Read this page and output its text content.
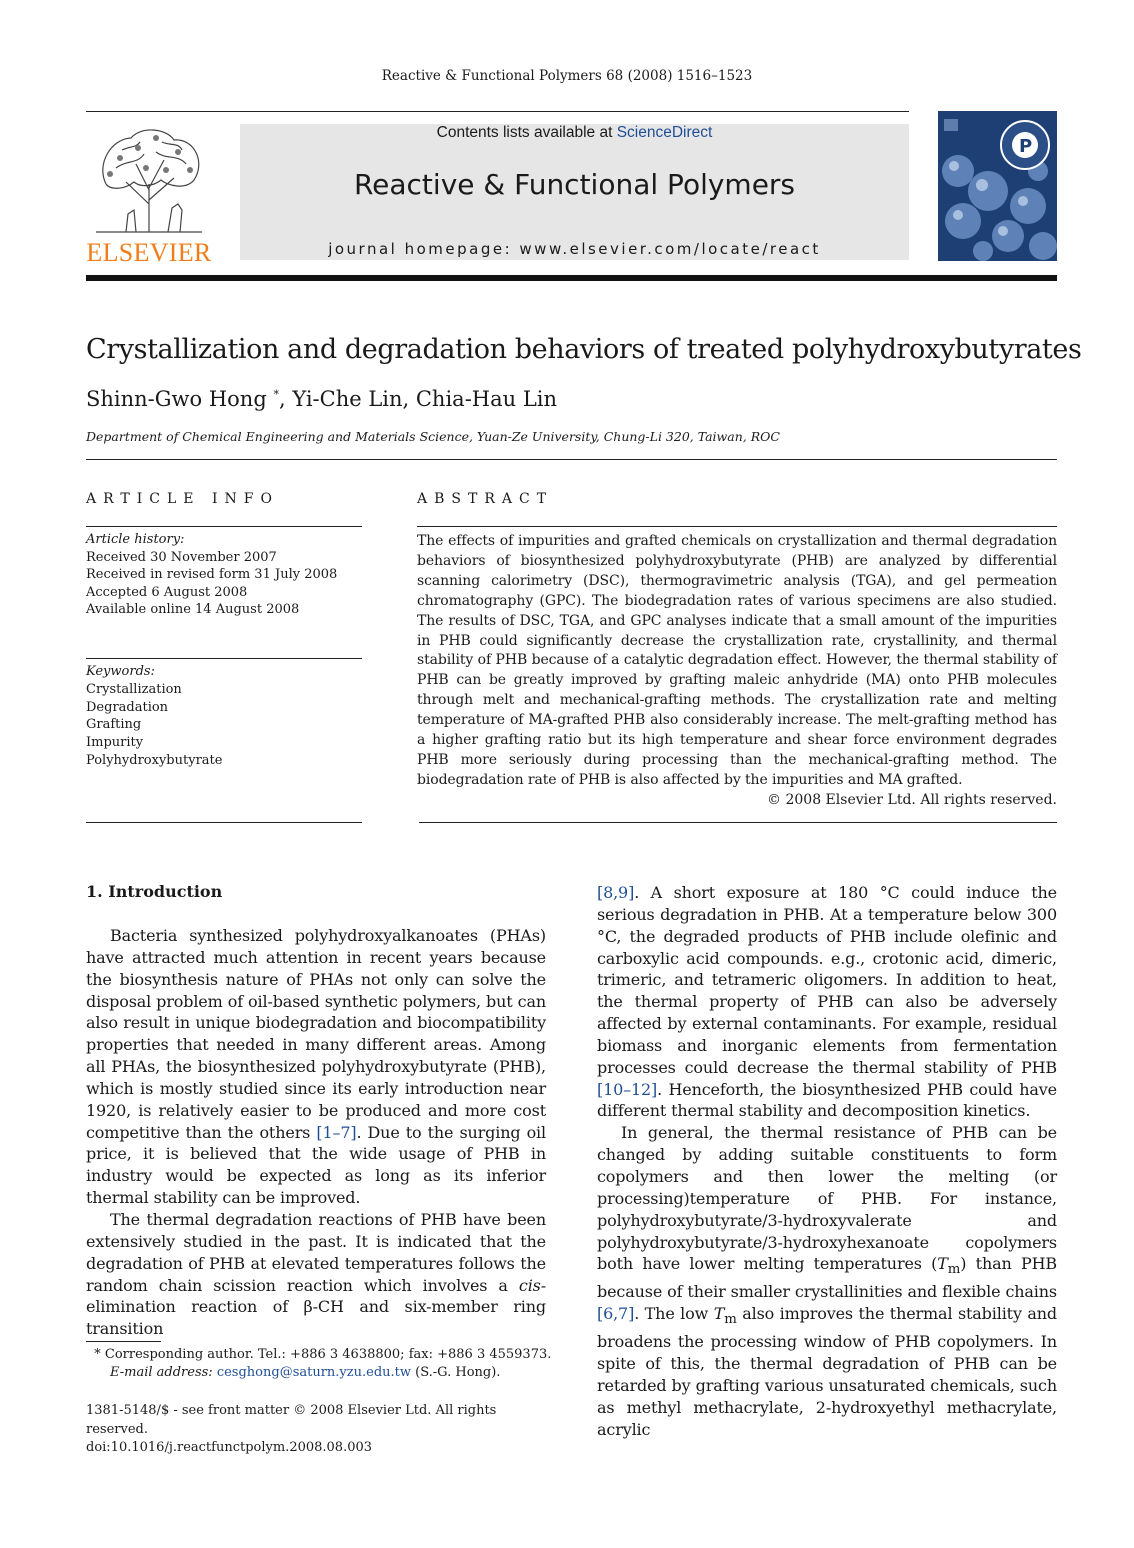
Reactive & Functional Polymers 68 (2008) 1516–1523
ELSEVIER
Contents lists available at ScienceDirect
Reactive & Functional Polymers
journal homepage: www.elsevier.com/locate/react
P
Crystallization and degradation behaviors of treated polyhydroxybutyrates
Shinn-Gwo Hong *, Yi-Che Lin, Chia-Hau Lin
Department of Chemical Engineering and Materials Science, Yuan-Ze University, Chung-Li 320, Taiwan, ROC
ARTICLE INFO
Article history:
Received 30 November 2007
Received in revised form 31 July 2008
Accepted 6 August 2008
Available online 14 August 2008
Keywords:
Crystallization
Degradation
Grafting
Impurity
Polyhydroxybutyrate
ABSTRACT
The effects of impurities and grafted chemicals on crystallization and thermal degradation behaviors of biosynthesized polyhydroxybutyrate (PHB) are analyzed by differential scanning calorimetry (DSC), thermogravimetric analysis (TGA), and gel permeation chromatography (GPC). The biodegradation rates of various specimens are also studied. The results of DSC, TGA, and GPC analyses indicate that a small amount of the impurities in PHB could significantly decrease the crystallization rate, crystallinity, and thermal stability of PHB because of a catalytic degradation effect. However, the thermal stability of PHB can be greatly improved by grafting maleic anhydride (MA) onto PHB molecules through melt and mechanical-grafting methods. The crystallization rate and melting temperature of MA-grafted PHB also considerably increase. The melt-grafting method has a higher grafting ratio but its high temperature and shear force environment degrades PHB more seriously during processing than the mechanical-grafting method. The biodegradation rate of PHB is also affected by the impurities and MA grafted.
© 2008 Elsevier Ltd. All rights reserved.
1. Introduction

Bacteria synthesized polyhydroxyalkanoates (PHAs) have attracted much attention in recent years because the biosynthesis nature of PHAs not only can solve the disposal problem of oil-based synthetic polymers, but can also result in unique biodegradation and biocompatibility properties that needed in many different areas. Among all PHAs, the biosynthesized polyhydroxybutyrate (PHB), which is mostly studied since its early introduction near 1920, is relatively easier to be produced and more cost competitive than the others [1–7]. Due to the surging oil price, it is believed that the wide usage of PHB in industry would be expected as long as its inferior thermal stability can be improved.

The thermal degradation reactions of PHB have been extensively studied in the past. It is indicated that the degradation of PHB at elevated temperatures follows the random chain scission reaction which involves a cis-elimination reaction of β-CH and six-member ring transition

[8,9]. A short exposure at 180 °C could induce the serious degradation in PHB. At a temperature below 300 °C, the degraded products of PHB include olefinic and carboxylic acid compounds. e.g., crotonic acid, dimeric, trimeric, and tetrameric oligomers. In addition to heat, the thermal property of PHB can also be adversely affected by external contaminants. For example, residual biomass and inorganic elements from fermentation processes could decrease the thermal stability of PHB [10–12]. Henceforth, the biosynthesized PHB could have different thermal stability and decomposition kinetics.

In general, the thermal resistance of PHB can be changed by adding suitable constituents to form copolymers and then lower the melting (or processing)temperature of PHB. For instance, polyhydroxybutyrate/3-hydroxyvalerate and polyhydroxybutyrate/3-hydroxyhexanoate copolymers both have lower melting temperatures $(T_m)$ than PHB because of their smaller crystallinities and flexible chains [6,7]. The low $T_m$ also improves the thermal stability and broadens the processing window of PHB copolymers. In spite of this, the thermal degradation of PHB can be retarded by grafting various unsaturated chemicals, such as methyl methacrylate, 2-hydroxyethyl methacrylate, acrylic

* Corresponding author. Tel.: +886 3 4638800; fax: +886 3 4559373.
E-mail address: cesghong@saturn.yzu.edu.tw (S.-G. Hong).
1381-5148/$ - see front matter © 2008 Elsevier Ltd. All rights reserved.
doi:10.1016/j.reactfunctpolym.2008.08.003
